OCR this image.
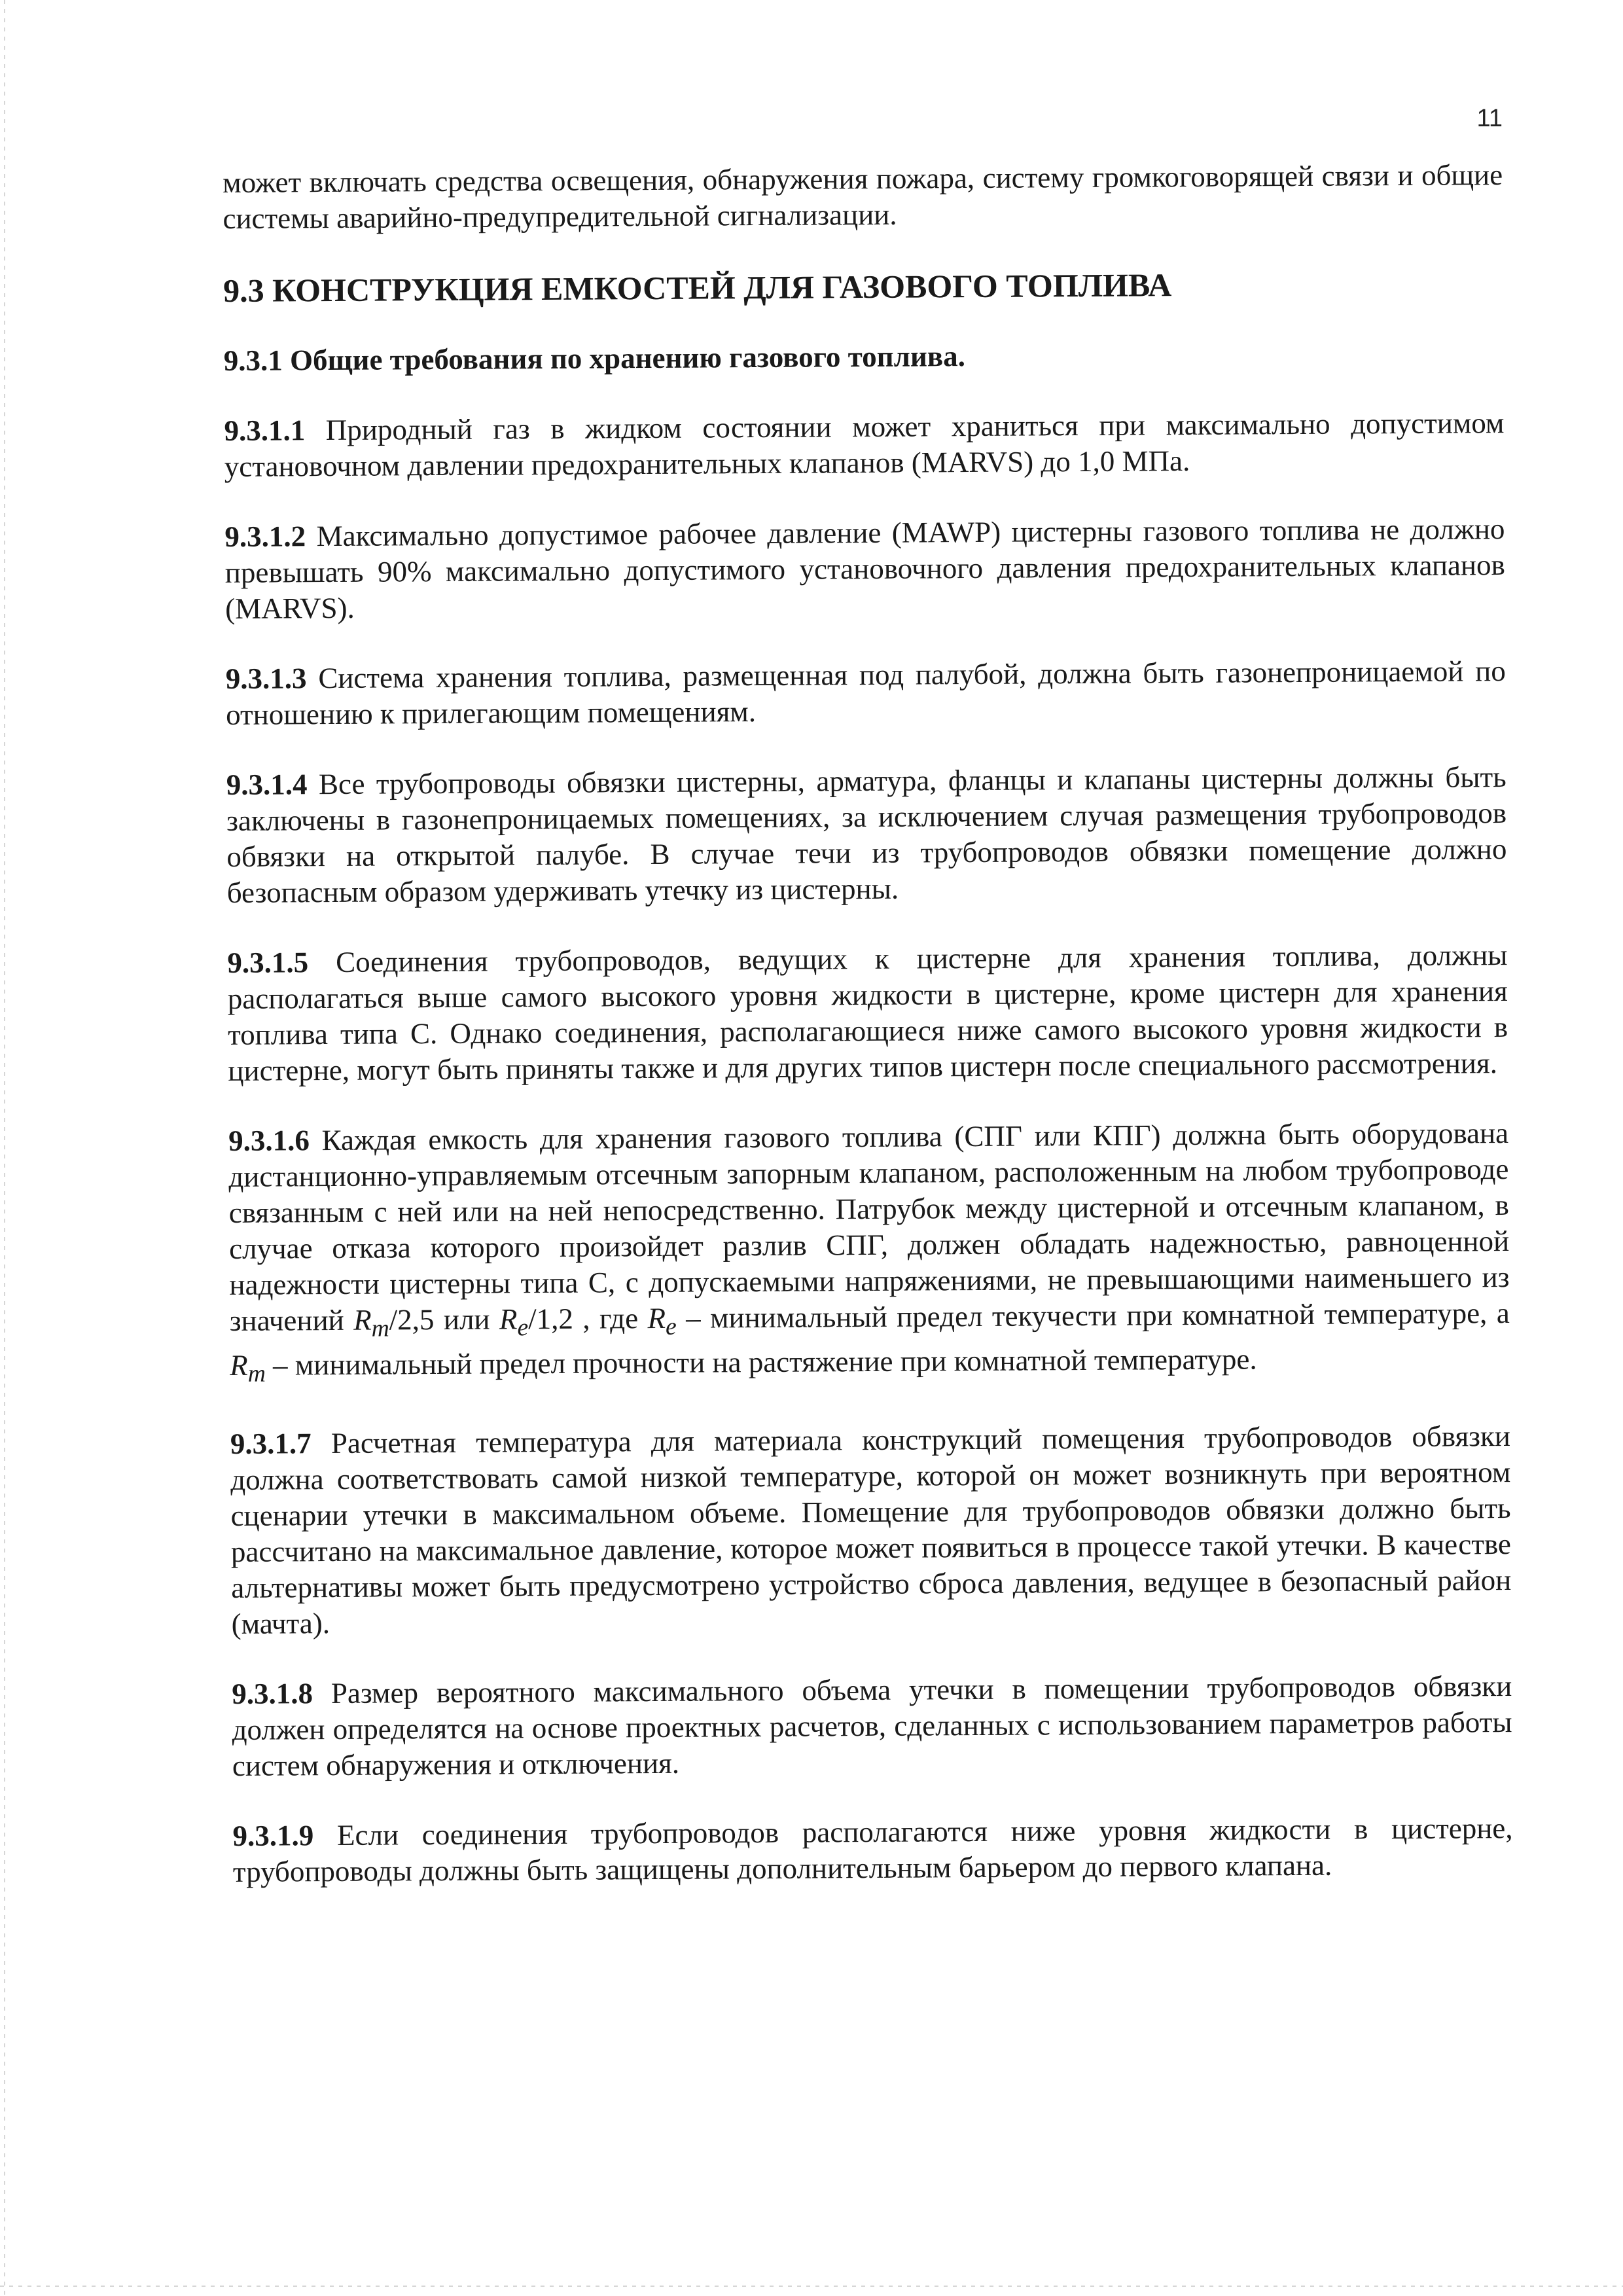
11

может включать средства освещения, обнаружения пожара, систему громкоговорящей связи и общие системы аварийно-предупредительной сигнализации.

9.3 КОНСТРУКЦИЯ ЕМКОСТЕЙ ДЛЯ ГАЗОВОГО ТОПЛИВА
9.3.1 Общие требования по хранению газового топлива.

9.3.1.1 Природный газ в жидком состоянии может храниться при максимально допустимом установочном давлении предохранительных клапанов (MARVS) до 1,0 МПа.

9.3.1.2 Максимально допустимое рабочее давление (MAWP) цистерны газового топлива не должно превышать 90% максимально допустимого установочного давления предохранительных клапанов (MARVS).

9.3.1.3 Система хранения топлива, размещенная под палубой, должна быть газонепроницаемой по отношению к прилегающим помещениям.

9.3.1.4 Все трубопроводы обвязки цистерны, арматура, фланцы и клапаны цистерны должны быть заключены в газонепроницаемых помещениях, за исключением случая размещения трубопроводов обвязки на открытой палубе. В случае течи из трубопроводов обвязки помещение должно безопасным образом удерживать утечку из цистерны.

9.3.1.5 Соединения трубопроводов, ведущих к цистерне для хранения топлива, должны располагаться выше самого высокого уровня жидкости в цистерне, кроме цистерн для хранения топлива типа С. Однако соединения, располагающиеся ниже самого высокого уровня жидкости в цистерне, могут быть приняты также и для других типов цистерн после специального рассмотрения.

9.3.1.6 Каждая емкость для хранения газового топлива (СПГ или КПГ) должна быть оборудована дистанционно-управляемым отсечным запорным клапаном, расположенным на любом трубопроводе связанным с ней или на ней непосредственно. Патрубок между цистерной и отсечным клапаном, в случае отказа которого произойдет разлив СПГ, должен обладать надежностью, равноценной надежности цистерны типа С, с допускаемыми напряжениями, не превышающими наименьшего из значений $R_m/2,5$ или $R_e/1,2$ , где $R_e$ – минимальный предел текучести при комнатной температуре, а $R_m$ – минимальный предел прочности на растяжение при комнатной температуре.

9.3.1.7 Расчетная температура для материала конструкций помещения трубопроводов обвязки должна соответствовать самой низкой температуре, которой он может возникнуть при вероятном сценарии утечки в максимальном объеме. Помещение для трубопроводов обвязки должно быть рассчитано на максимальное давление, которое может появиться в процессе такой утечки. В качестве альтернативы может быть предусмотрено устройство сброса давления, ведущее в безопасный район (мачта).

9.3.1.8 Размер вероятного максимального объема утечки в помещении трубопроводов обвязки должен определятся на основе проектных расчетов, сделанных с использованием параметров работы систем обнаружения и отключения.

9.3.1.9 Если соединения трубопроводов располагаются ниже уровня жидкости в цистерне, трубопроводы должны быть защищены дополнительным барьером до первого клапана.
